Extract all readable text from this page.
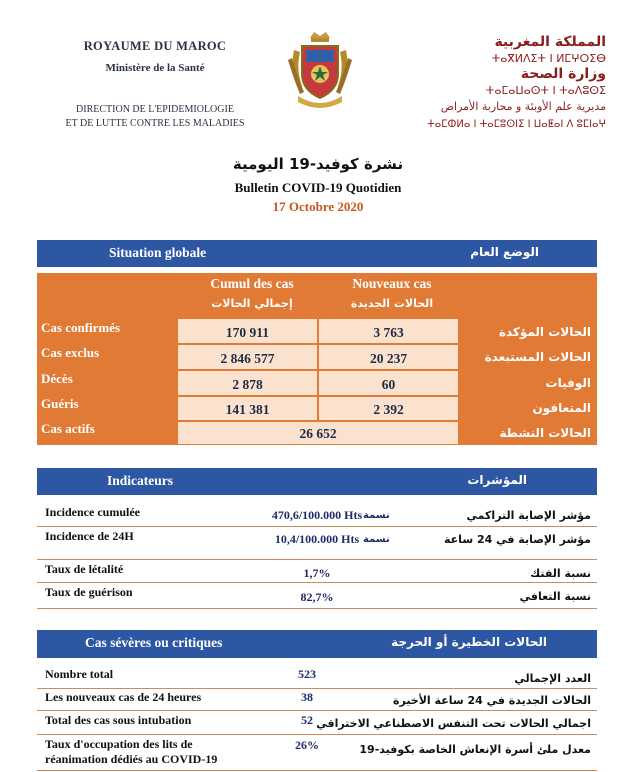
ROYAUME DU MAROC
Ministère de la Santé
DIRECTION DE L'EPIDEMIOLOGIE
ET DE LUTTE CONTRE LES MALADIES
المملكة المغربية
ⵜⴰⴳⵍⴷⵉⵜ ⵏ ⵍⵎⵖⵔⵉⴱ
وزارة الصحة
ⵜⴰⵎⴰⵡⴰⵙⵜ ⵏ ⵜⴰⴷⵓⵙⵉ
مديرية علم الأوبئة و محاربة الأمراض
ⵜⴰⵎⵀⵍⴰ ⵏ ⵜⴰⵎⵓⵙⵏⵉ ⵏ ⵡⴰⵟⴰⵏ ⴷ ⵓⵎⵏⴰⵖ
نشرة كوفيد-19 اليومية
Bulletin COVID-19 Quotidien
17 Octobre 2020
Situation globale	الوضع العام
Cumul des cas
إجمالي الحالات
Nouveaux cas
الحالات الجديدة
Cas confirmés	170 911	3 763	الحالات المؤكدة
Cas exclus	2 846 577	20 237	الحالات المستبعدة
Décès	2 878	60	الوفيات
Guéris	141 381	2 392	المتعافون
Cas actifs	26 652	الحالات النشطة
Indicateurs	المؤشرات
Incidence cumulée	470,6/100.000 Hts نسمة	مؤشر الإصابة التراكمي
Incidence de 24H	10,4/100.000 Hts نسمة	مؤشر الإصابة في 24 ساعة
Taux de létalité	1,7%	نسبة الفتك
Taux de guérison	82,7%	نسبة التعافي
Cas sévères ou critiques	الحالات الخطيرة أو الحرجة
Nombre total	523	العدد الإجمالي
Les nouveaux cas de 24 heures	38	الحالات الجديدة في 24 ساعة الأخيرة
Total des cas sous intubation	52 اجمالي الحالات تحت التنفس الاصطناعي الاختراقي
Taux d'occupation des lits de
réanimation dédiés au COVID-19
26%	معدل ملئ أسرة الإنعاش الخاصة بكوفيد-19
